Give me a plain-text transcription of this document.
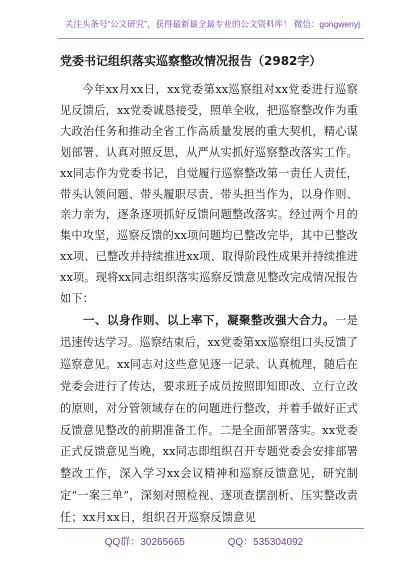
关注头条号“公文研究”，获得最新最全最专业的公文资料库！ 微信：gongwenyj
党委书记组织落实巡察整改情况报告（2982字）

今年xx月xx日，xx党委第xx巡察组对xx党委进行巡察见反馈后，xx党委诚恳接受，照单全收，把巡察整改作为重大政治任务和推动全省工作高质量发展的重大契机，精心谋划部署、认真对照反思，从严从实抓好巡察整改落实工作。xx同志作为党委书记，自觉履行巡察整改第一责任人责任，带头认领问题、带头履职尽责、带头担当作为，以身作则、亲力亲为，逐条逐项抓好反馈问题整改落实。经过两个月的集中攻坚，巡察反馈的xx项问题均已整改完毕，其中已整改xx项、已整改并持续推进xx项、取得阶段性成果并持续推进xx项。现将xx同志组织落实巡察反馈意见整改完成情况报告如下：

一、以身作则、以上率下，凝聚整改强大合力。一是迅速传达学习。巡察结束后，xx党委第xx巡察组口头反馈了巡察意见。xx同志对这些意见逐一记录、认真梳理，随后在党委会进行了传达，要求班子成员按照即知即改、立行立改的原则，对分管领域存在的问题进行整改，并着手做好正式反馈意见整改的前期准备工作。二是全面部署落实。xx党委正式反馈意见当晚，xx同志即组织召开专题党委会安排部署整改工作，深入学习xx会议精神和巡察反馈意见，研究制定“一案三单”，深刻对照检视、逐项查摆剖析、压实整改责任；xx月xx日，组织召开巡察反馈意见

QQ群：30265665	QQ：535304092
